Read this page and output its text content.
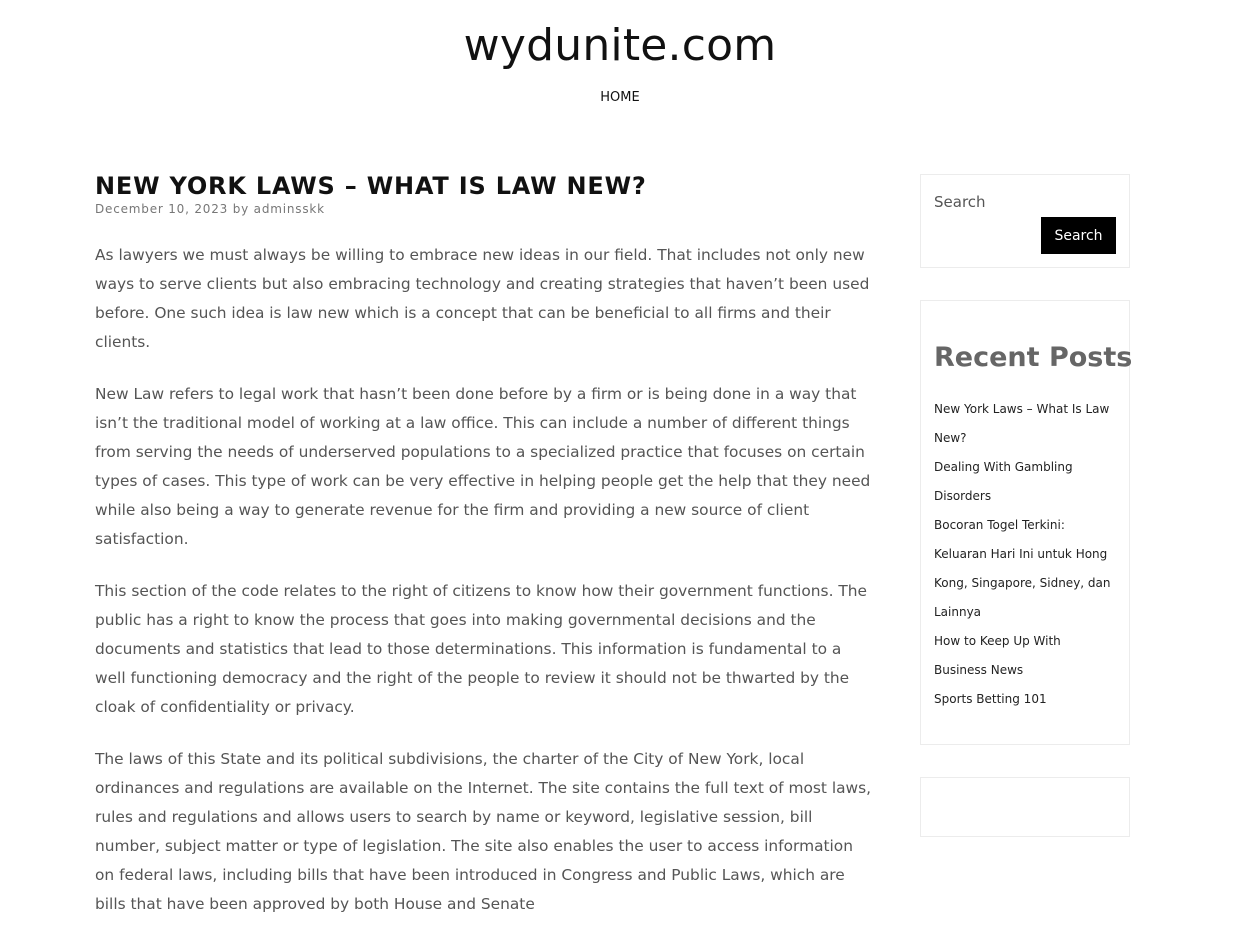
wydunite.com
HOME
NEW YORK LAWS – WHAT IS LAW NEW?
December 10, 2023 by adminsskk

As lawyers we must always be willing to embrace new ideas in our field. That includes not only new ways to serve clients but also embracing technology and creating strategies that haven’t been used before. One such idea is law new which is a concept that can be beneficial to all firms and their clients.

New Law refers to legal work that hasn’t been done before by a firm or is being done in a way that isn’t the traditional model of working at a law office. This can include a number of different things from serving the needs of underserved populations to a specialized practice that focuses on certain types of cases. This type of work can be very effective in helping people get the help that they need while also being a way to generate revenue for the firm and providing a new source of client satisfaction.

This section of the code relates to the right of citizens to know how their government functions. The public has a right to know the process that goes into making governmental decisions and the documents and statistics that lead to those determinations. This information is fundamental to a well functioning democracy and the right of the people to review it should not be thwarted by the cloak of confidentiality or privacy.

The laws of this State and its political subdivisions, the charter of the City of New York, local ordinances and regulations are available on the Internet. The site contains the full text of most laws, rules and regulations and allows users to search by name or keyword, legislative session, bill number, subject matter or type of legislation. The site also enables the user to access information on federal laws, including bills that have been introduced in Congress and Public Laws, which are bills that have been approved by both House and Senate

Search
Search
Recent Posts
New York Laws – What Is Law New?
Dealing With Gambling Disorders
Bocoran Togel Terkini: Keluaran Hari Ini untuk Hong Kong, Singapore, Sidney, dan Lainnya
How to Keep Up With Business News
Sports Betting 101
